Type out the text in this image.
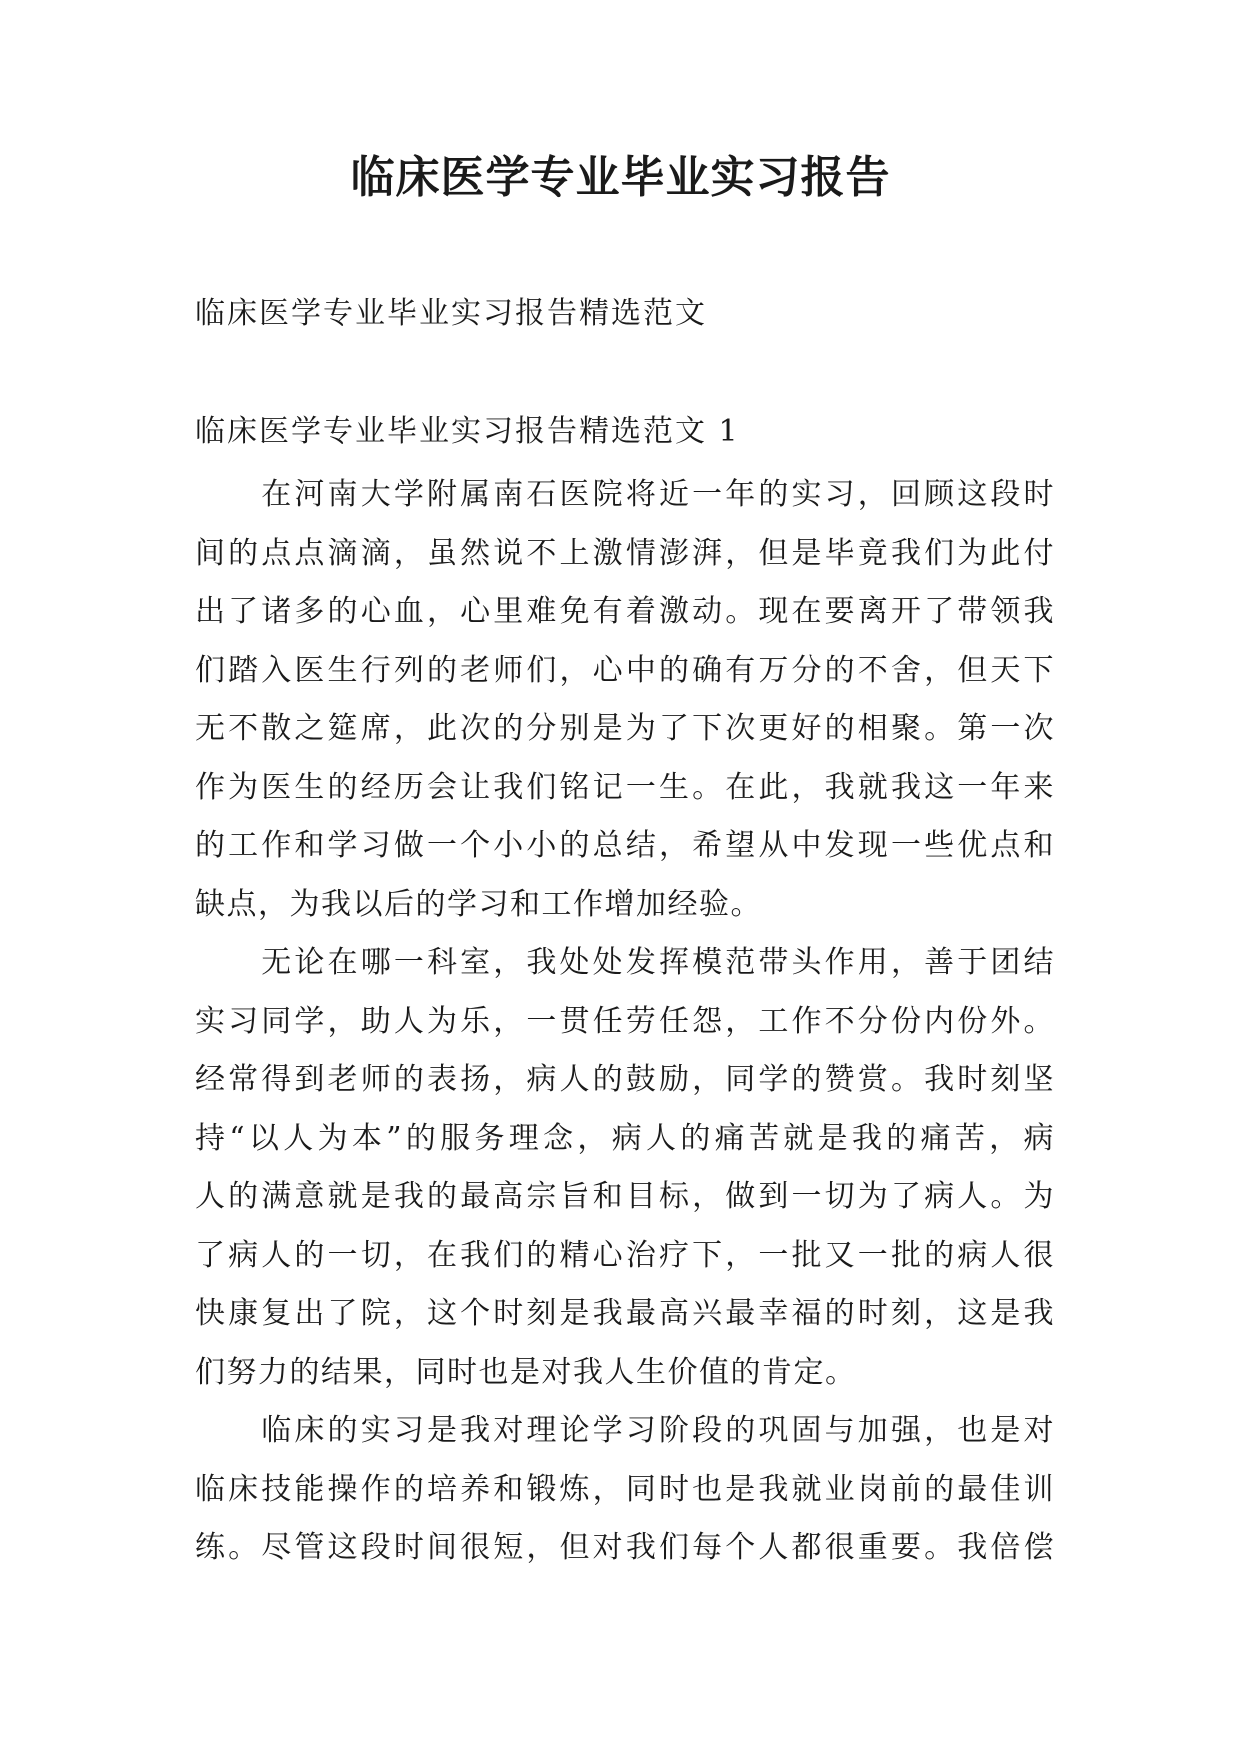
临床医学专业毕业实习报告

临床医学专业毕业实习报告精选范文

临床医学专业毕业实习报告精选范文 1

　　在河南大学附属南石医院将近一年的实习，回顾这段时
间的点点滴滴，虽然说不上激情澎湃，但是毕竟我们为此付
出了诸多的心血，心里难免有着激动。现在要离开了带领我
们踏入医生行列的老师们，心中的确有万分的不舍，但天下
无不散之筵席，此次的分别是为了下次更好的相聚。第一次
作为医生的经历会让我们铭记一生。在此，我就我这一年来
的工作和学习做一个小小的总结，希望从中发现一些优点和
缺点，为我以后的学习和工作增加经验。

　　无论在哪一科室，我处处发挥模范带头作用，善于团结
实习同学，助人为乐，一贯任劳任怨，工作不分份内份外。
经常得到老师的表扬，病人的鼓励，同学的赞赏。我时刻坚
持“以人为本”的服务理念，病人的痛苦就是我的痛苦，病
人的满意就是我的最高宗旨和目标，做到一切为了病人。为
了病人的一切，在我们的精心治疗下，一批又一批的病人很
快康复出了院，这个时刻是我最高兴最幸福的时刻，这是我
们努力的结果，同时也是对我人生价值的肯定。

　　临床的实习是我对理论学习阶段的巩固与加强，也是对
临床技能操作的培养和锻炼，同时也是我就业岗前的最佳训
练。尽管这段时间很短，但对我们每个人都很重要。我倍偿
